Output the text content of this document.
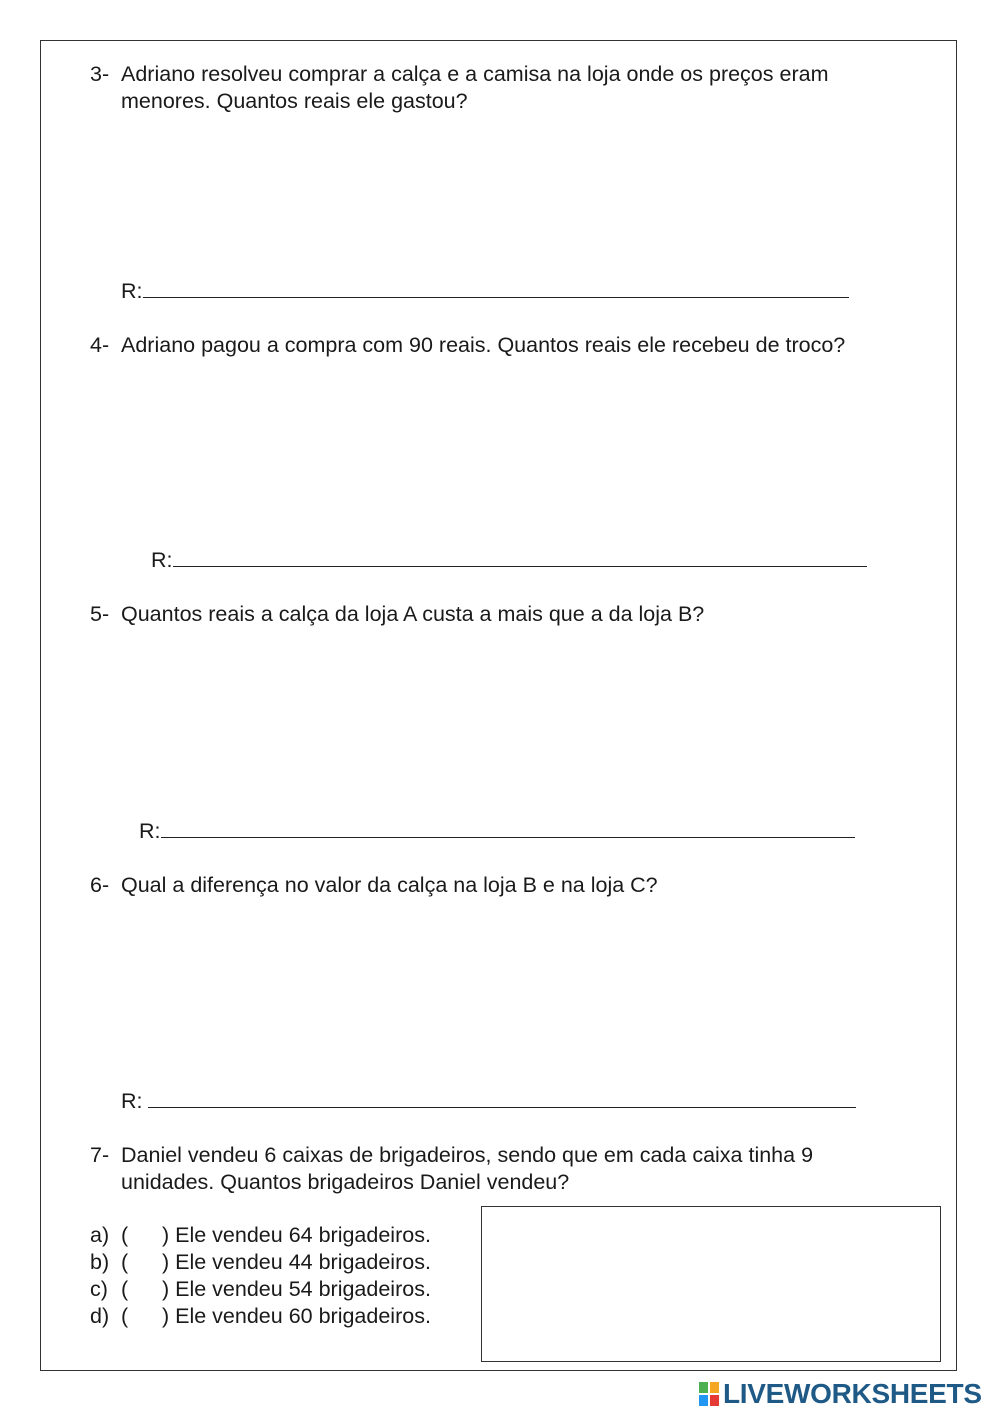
3- Adriano resolveu comprar a calça e a camisa na loja onde os preços eram
menores. Quantos reais ele gastou?
R:
4- Adriano pagou a compra com 90 reais. Quantos reais ele recebeu de troco?
R:
5- Quantos reais a calça da loja A custa a mais que a da loja B?
R:
6- Qual a diferença no valor da calça na loja B e na loja C?
R:
7- Daniel vendeu 6 caixas de brigadeiros, sendo que em cada caixa tinha 9
unidades. Quantos brigadeiros Daniel vendeu?
a) ( ) Ele vendeu 64 brigadeiros.
b) ( ) Ele vendeu 44 brigadeiros.
c) ( ) Ele vendeu 54 brigadeiros.
d) ( ) Ele vendeu 60 brigadeiros.
LIVEWORKSHEETS
